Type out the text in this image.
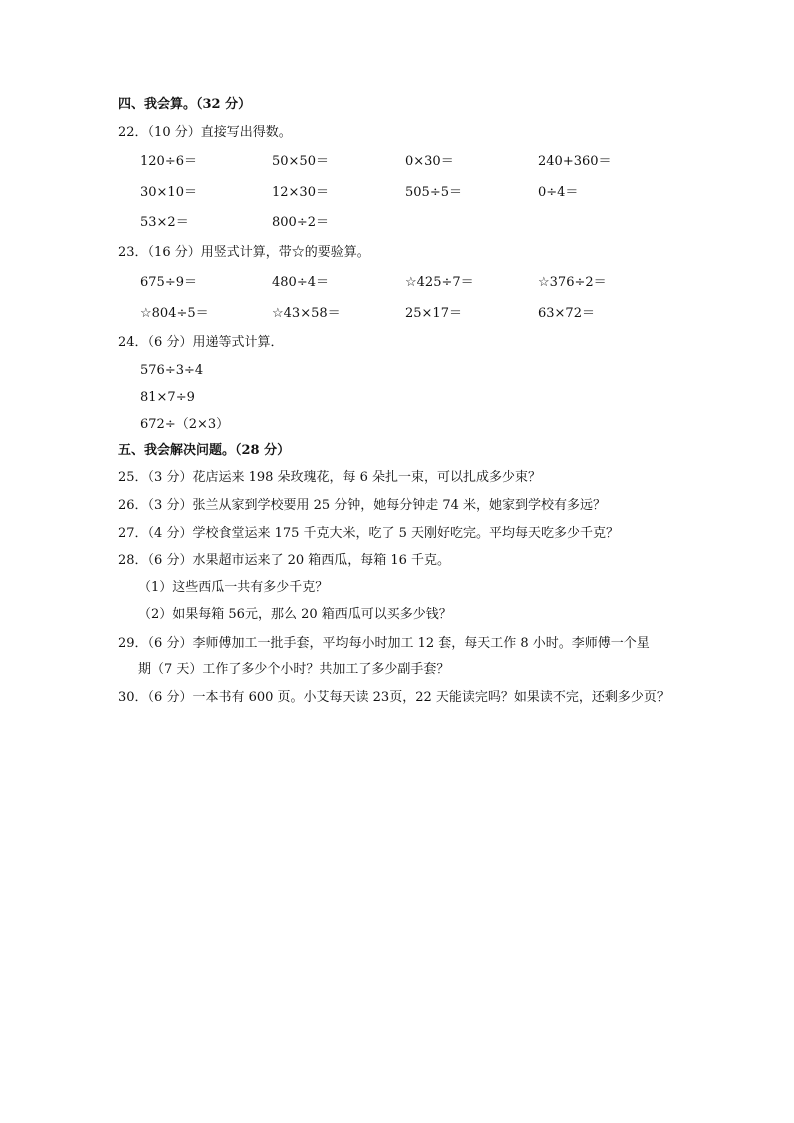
四、我会算。（32 分）
22．（10 分）直接写出得数。
120÷6＝	50×50＝	0×30＝	240+360＝
30×10＝	12×30＝	505÷5＝	0÷4＝
53×2＝	800÷2＝
23．（16 分）用竖式计算，带☆的要验算。
675÷9＝	480÷4＝	☆425÷7＝	☆376÷2＝
☆804÷5＝	☆43×58＝	25×17＝	63×72＝
24．（6 分）用递等式计算．
576÷3÷4
81×7÷9
672÷（2×3）
五、我会解决问题。（28 分）
25．（3 分）花店运来 198 朵玫瑰花，每 6 朵扎一束，可以扎成多少束？
26．（3 分）张兰从家到学校要用 25 分钟，她每分钟走 74 米，她家到学校有多远？
27．（4 分）学校食堂运来 175 千克大米，吃了 5 天刚好吃完。平均每天吃多少千克？
28．（6 分）水果超市运来了 20 箱西瓜，每箱 16 千克。
（1）这些西瓜一共有多少千克？
（2）如果每箱 56元，那么 20 箱西瓜可以买多少钱？
29．（6 分）李师傅加工一批手套，平均每小时加工 12 套，每天工作 8 小时。李师傅一个星
期（7 天）工作了多少个小时？共加工了多少副手套？
30．（6 分）一本书有 600 页。小艾每天读 23页，22 天能读完吗？如果读不完，还剩多少页？
